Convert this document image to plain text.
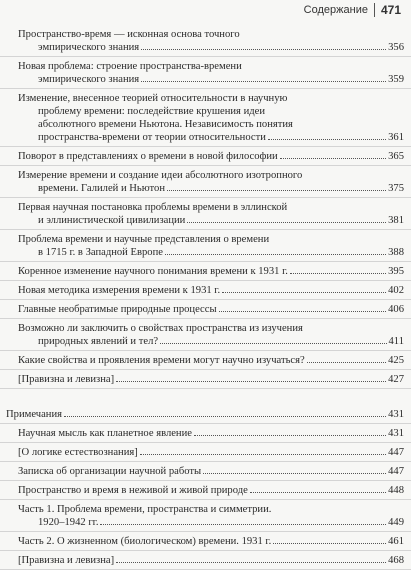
Содержание 471
Пространство-время — исконная основа точного
эмпирического знания	356
Новая проблема: строение пространства-времени
эмпирического знания	359
Изменение, внесенное теорией относительности в научную
проблему времени: последействие крушения идеи
абсолютного времени Ньютона. Независимость понятия
пространства-времени от теории относительности	361
Поворот в представлениях о времени в новой философии	365
Измерение времени и создание идеи абсолютного изотропного
времени. Галилей и Ньютон	375
Первая научная постановка проблемы времени в эллинской
и эллинистической цивилизации	381
Проблема времени и научные представления о времени
в 1715 г. в Западной Европе	388
Коренное изменение научного понимания времени к 1931 г.	395
Новая методика измерения времени к 1931 г.	402
Главные необратимые природные процессы	406
Возможно ли заключить о свойствах пространства из изучения
природных явлений и тел?	411
Какие свойства и проявления времени могут научно изучаться?	425
[Правизна и левизна]	427
Примечания	431
Научная мысль как планетное явление	431
[О логике естествознания]	447
Записка об организации научной работы	447
Пространство и время в неживой и живой природе	448
Часть 1. Проблема времени, пространства и симметрии.
1920–1942 гг.	449
Часть 2. О жизненном (биологическом) времени. 1931 г.	461
[Правизна и левизна]	468
